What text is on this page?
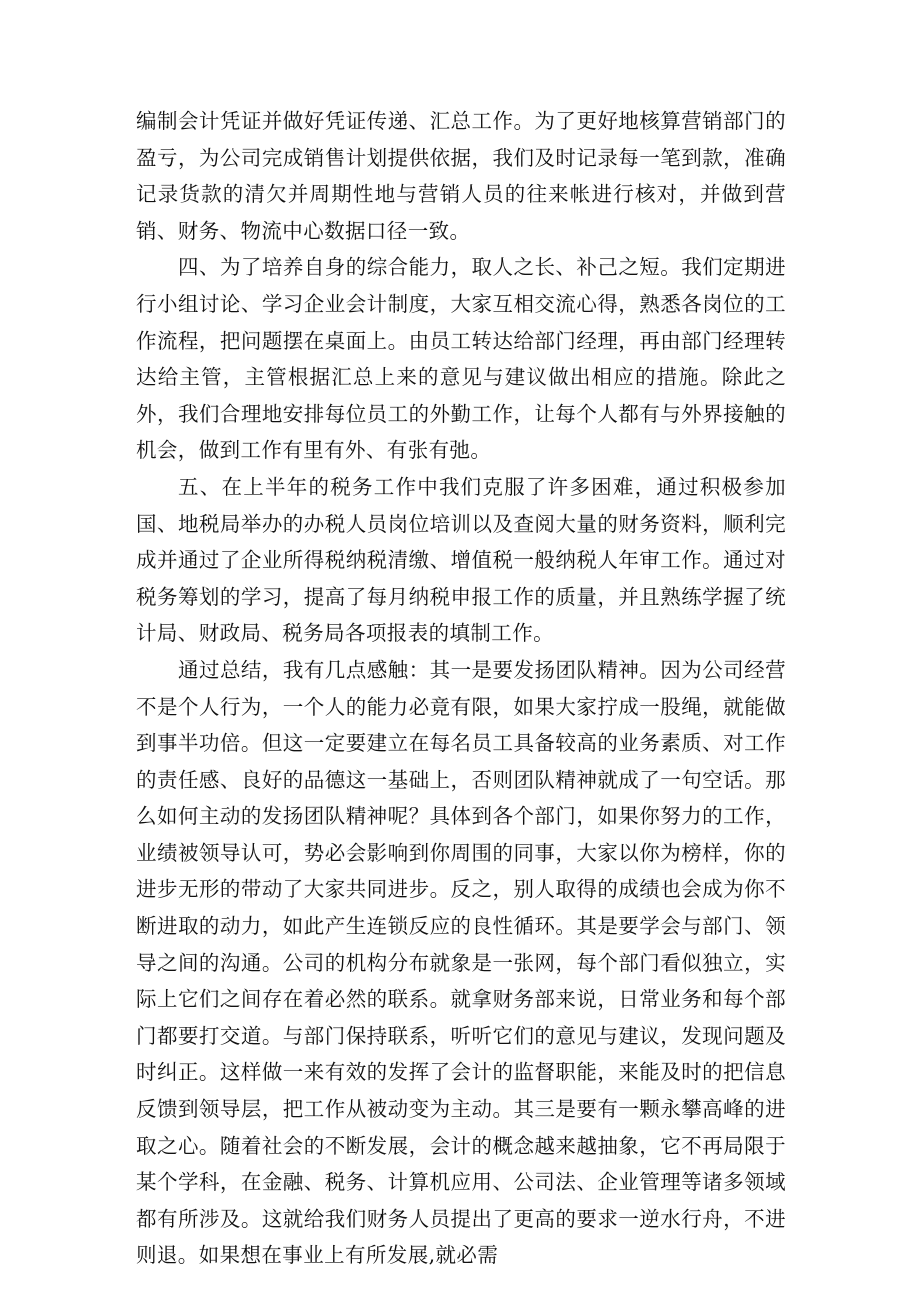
编制会计凭证并做好凭证传递、汇总工作。为了更好地核算营销部门的盈亏，为公司完成销售计划提供依据，我们及时记录每一笔到款，准确记录货款的清欠并周期性地与营销人员的往来帐进行核对，并做到营销、财务、物流中心数据口径一致。

四、为了培养自身的综合能力，取人之长、补己之短。我们定期进行小组讨论、学习企业会计制度，大家互相交流心得，熟悉各岗位的工作流程，把问题摆在桌面上。由员工转达给部门经理，再由部门经理转达给主管，主管根据汇总上来的意见与建议做出相应的措施。除此之外，我们合理地安排每位员工的外勤工作，让每个人都有与外界接触的机会，做到工作有里有外、有张有弛。

五、在上半年的税务工作中我们克服了许多困难，通过积极参加国、地税局举办的办税人员岗位培训以及查阅大量的财务资料，顺利完成并通过了企业所得税纳税清缴、增值税一般纳税人年审工作。通过对税务筹划的学习，提高了每月纳税申报工作的质量，并且熟练学握了统计局、财政局、税务局各项报表的填制工作。

通过总结，我有几点感触：其一是要发扬团队精神。因为公司经营不是个人行为，一个人的能力必竟有限，如果大家拧成一股绳，就能做到事半功倍。但这一定要建立在每名员工具备较高的业务素质、对工作的责任感、良好的品德这一基础上，否则团队精神就成了一句空话。那么如何主动的发扬团队精神呢？具体到各个部门，如果你努力的工作，业绩被领导认可，势必会影响到你周围的同事，大家以你为榜样，你的进步无形的带动了大家共同进步。反之，别人取得的成绩也会成为你不断进取的动力，如此产生连锁反应的良性循环。其是要学会与部门、领导之间的沟通。公司的机构分布就象是一张网，每个部门看似独立，实际上它们之间存在着必然的联系。就拿财务部来说，日常业务和每个部门都要打交道。与部门保持联系，听听它们的意见与建议，发现问题及时纠正。这样做一来有效的发挥了会计的监督职能，来能及时的把信息反馈到领导层，把工作从被动变为主动。其三是要有一颗永攀高峰的进取之心。随着社会的不断发展，会计的概念越来越抽象，它不再局限于某个学科，在金融、税务、计算机应用、公司法、企业管理等诸多领域都有所涉及。这就给我们财务人员提出了更高的要求一逆水行舟，不进则退。如果想在事业上有所发展,就必需
